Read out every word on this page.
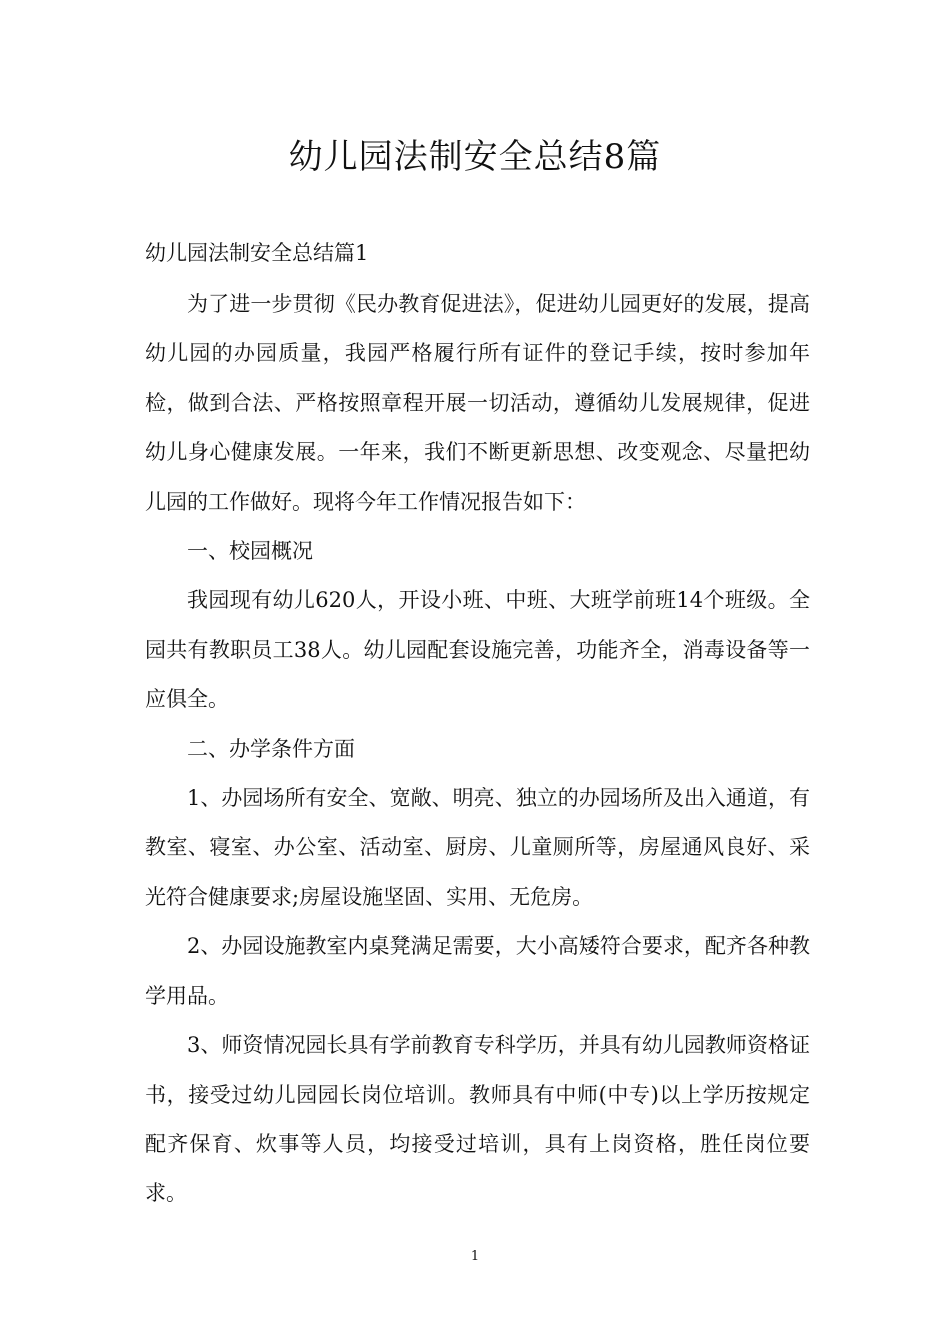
幼儿园法制安全总结8篇

幼儿园法制安全总结篇1

为了进一步贯彻《民办教育促进法》，促进幼儿园更好的发展，提高幼儿园的办园质量，我园严格履行所有证件的登记手续，按时参加年检，做到合法、严格按照章程开展一切活动，遵循幼儿发展规律，促进幼儿身心健康发展。一年来，我们不断更新思想、改变观念、尽量把幼儿园的工作做好。现将今年工作情况报告如下：

一、校园概况

我园现有幼儿620人，开设小班、中班、大班学前班14个班级。全园共有教职员工38人。幼儿园配套设施完善，功能齐全，消毒设备等一应俱全。

二、办学条件方面

1、办园场所有安全、宽敞、明亮、独立的办园场所及出入通道，有教室、寝室、办公室、活动室、厨房、儿童厕所等，房屋通风良好、采光符合健康要求;房屋设施坚固、实用、无危房。

2、办园设施教室内桌凳满足需要，大小高矮符合要求，配齐各种教学用品。

3、师资情况园长具有学前教育专科学历，并具有幼儿园教师资格证书，接受过幼儿园园长岗位培训。教师具有中师(中专)以上学历按规定配齐保育、炊事等人员，均接受过培训，具有上岗资格，胜任岗位要求。

1
